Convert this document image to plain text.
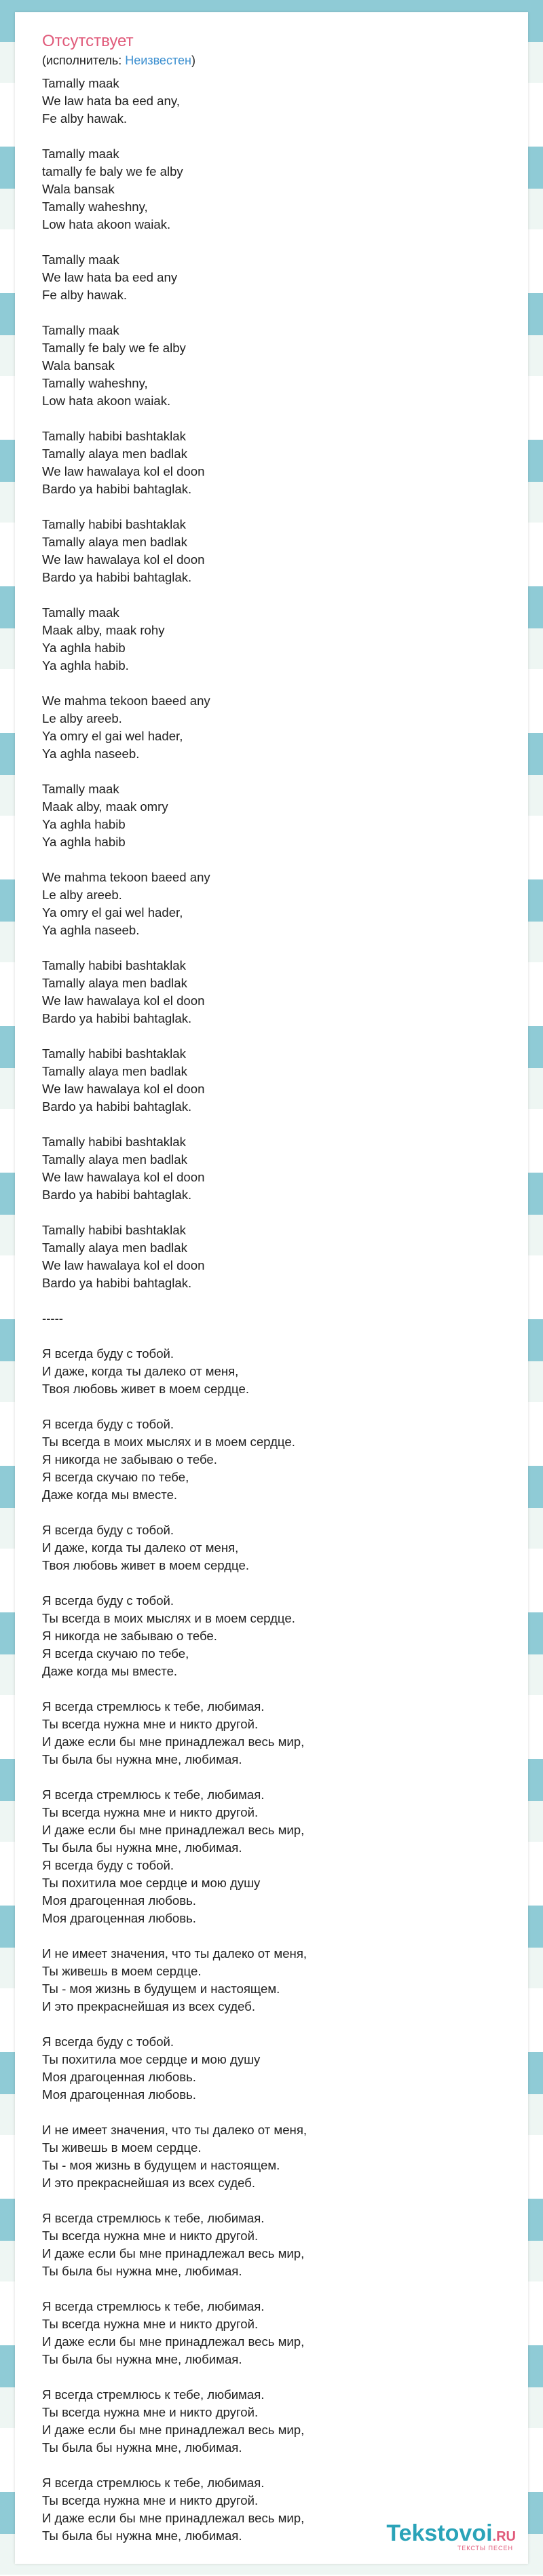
Отсутствует
(исполнитель: Неизвестен)
Tamally maak
We law hata ba eed any,
Fe alby hawak.
Tamally maak
tamally fe baly we fe alby
Wala bansak
Tamally waheshny,
Low hata akoon waiak.
Tamally maak
We law hata ba eed any
Fe alby hawak.
Tamally maak
Tamally fe baly we fe alby
Wala bansak
Tamally waheshny,
Low hata akoon waiak.
Tamally habibi bashtaklak
Tamally alaya men badlak
We law hawalaya kol el doon
Bardo ya habibi bahtaglak.
Tamally habibi bashtaklak
Tamally alaya men badlak
We law hawalaya kol el doon
Bardo ya habibi bahtaglak.
Tamally maak
Maak alby, maak rohy
Ya aghla habib
Ya aghla habib.
We mahma tekoon baeed any
Le alby areeb.
Ya omry el gai wel hader,
Ya aghla naseeb.
Tamally maak
Maak alby, maak omry
Ya aghla habib
Ya aghla habib
We mahma tekoon baeed any
Le alby areeb.
Ya omry el gai wel hader,
Ya aghla naseeb.
Tamally habibi bashtaklak
Tamally alaya men badlak
We law hawalaya kol el doon
Bardo ya habibi bahtaglak.
Tamally habibi bashtaklak
Tamally alaya men badlak
We law hawalaya kol el doon
Bardo ya habibi bahtaglak.
Tamally habibi bashtaklak
Tamally alaya men badlak
We law hawalaya kol el doon
Bardo ya habibi bahtaglak.
Tamally habibi bashtaklak
Tamally alaya men badlak
We law hawalaya kol el doon
Bardo ya habibi bahtaglak.
-----
Я всегда буду с тобой.
И даже, когда ты далеко от меня,
Твоя любовь живет в моем сердце.
Я всегда буду с тобой.
Ты всегда в моих мыслях и в моем сердце.
Я никогда не забываю о тебе.
Я всегда скучаю по тебе,
Даже когда мы вместе.
Я всегда буду с тобой.
И даже, когда ты далеко от меня,
Твоя любовь живет в моем сердце.
Я всегда буду с тобой.
Ты всегда в моих мыслях и в моем сердце.
Я никогда не забываю о тебе.
Я всегда скучаю по тебе,
Даже когда мы вместе.
Я всегда стремлюсь к тебе, любимая.
Ты всегда нужна мне и никто другой.
И даже если бы мне принадлежал весь мир,
Ты была бы нужна мне, любимая.
Я всегда стремлюсь к тебе, любимая.
Ты всегда нужна мне и никто другой.
И даже если бы мне принадлежал весь мир,
Ты была бы нужна мне, любимая.
Я всегда буду с тобой.
Ты похитила мое сердце и мою душу
Моя драгоценная любовь.
Моя драгоценная любовь.
И не имеет значения, что ты далеко от меня,
Ты живешь в моем сердце.
Ты - моя жизнь в будущем и настоящем.
И это прекраснейшая из всех судеб.
Я всегда буду с тобой.
Ты похитила мое сердце и мою душу
Моя драгоценная любовь.
Моя драгоценная любовь.
И не имеет значения, что ты далеко от меня,
Ты живешь в моем сердце.
Ты - моя жизнь в будущем и настоящем.
И это прекраснейшая из всех судеб.
Я всегда стремлюсь к тебе, любимая.
Ты всегда нужна мне и никто другой.
И даже если бы мне принадлежал весь мир,
Ты была бы нужна мне, любимая.
Я всегда стремлюсь к тебе, любимая.
Ты всегда нужна мне и никто другой.
И даже если бы мне принадлежал весь мир,
Ты была бы нужна мне, любимая.
Я всегда стремлюсь к тебе, любимая.
Ты всегда нужна мне и никто другой.
И даже если бы мне принадлежал весь мир,
Ты была бы нужна мне, любимая.
Я всегда стремлюсь к тебе, любимая.
Ты всегда нужна мне и никто другой.
И даже если бы мне принадлежал весь мир,
Ты была бы нужна мне, любимая.	Tekstovoi.RU
ТЕКСТЫ ПЕСЕН
